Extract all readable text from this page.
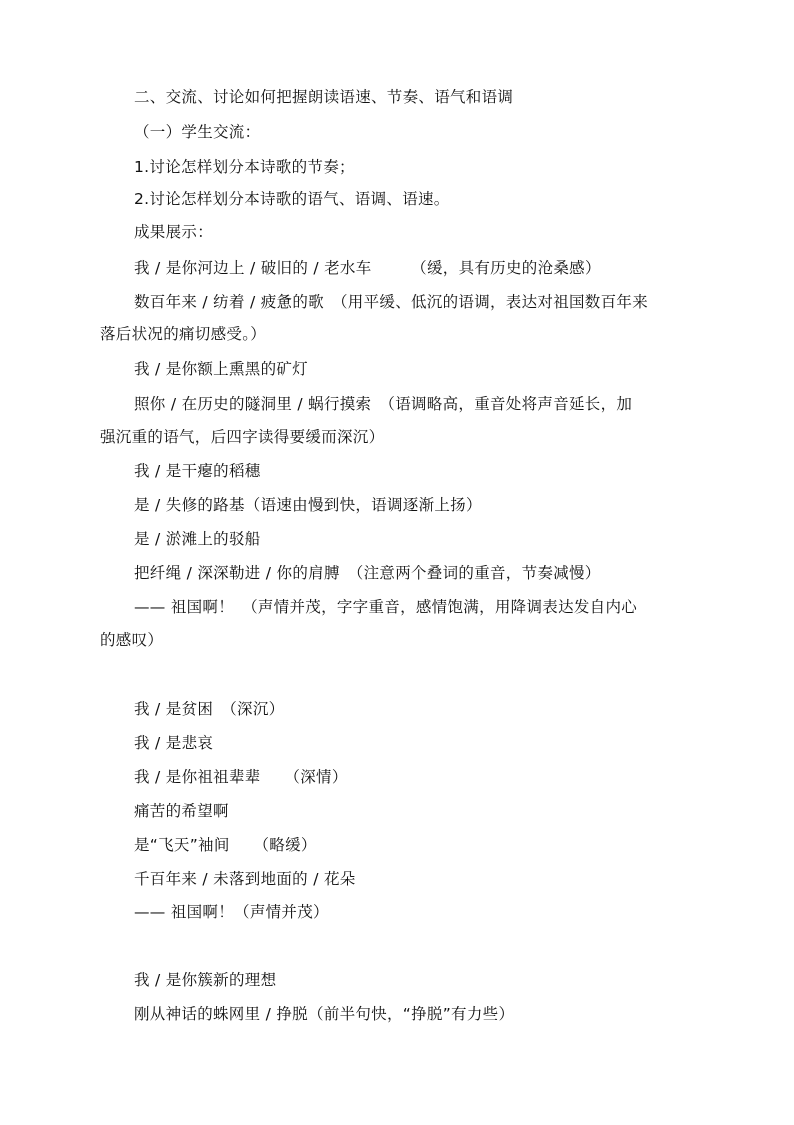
二、交流、讨论如何把握朗读语速、节奏、语气和语调
（一）学生交流：
1.讨论怎样划分本诗歌的节奏；
2.讨论怎样划分本诗歌的语气、语调、语速。
成果展示：
我 / 是你河边上 / 破旧的 / 老水车　　　（缓，具有历史的沧桑感）
数百年来 / 纺着 / 疲惫的歌　（用平缓、低沉的语调，表达对祖国数百年来
落后状况的痛切感受。）
我 / 是你额上熏黑的矿灯
照你 / 在历史的隧洞里 / 蜗行摸索　（语调略高，重音处将声音延长，加
强沉重的语气，后四字读得要缓而深沉）
我 / 是干瘪的稻穗
是 / 失修的路基（语速由慢到快，语调逐渐上扬）
是 / 淤滩上的驳船
把纤绳 / 深深勒进 / 你的肩膊　（注意两个叠词的重音，节奏减慢）
—— 祖国啊！　（声情并茂，字字重音，感情饱满，用降调表达发自内心
的感叹）
我 / 是贫困　（深沉）
我 / 是悲哀
我 / 是你祖祖辈辈　　（深情）
痛苦的希望啊
是“飞天”袖间　　（略缓）
千百年来 / 未落到地面的 / 花朵
—— 祖国啊！（声情并茂）
我 / 是你簇新的理想
刚从神话的蛛网里 / 挣脱（前半句快，“挣脱”有力些）
